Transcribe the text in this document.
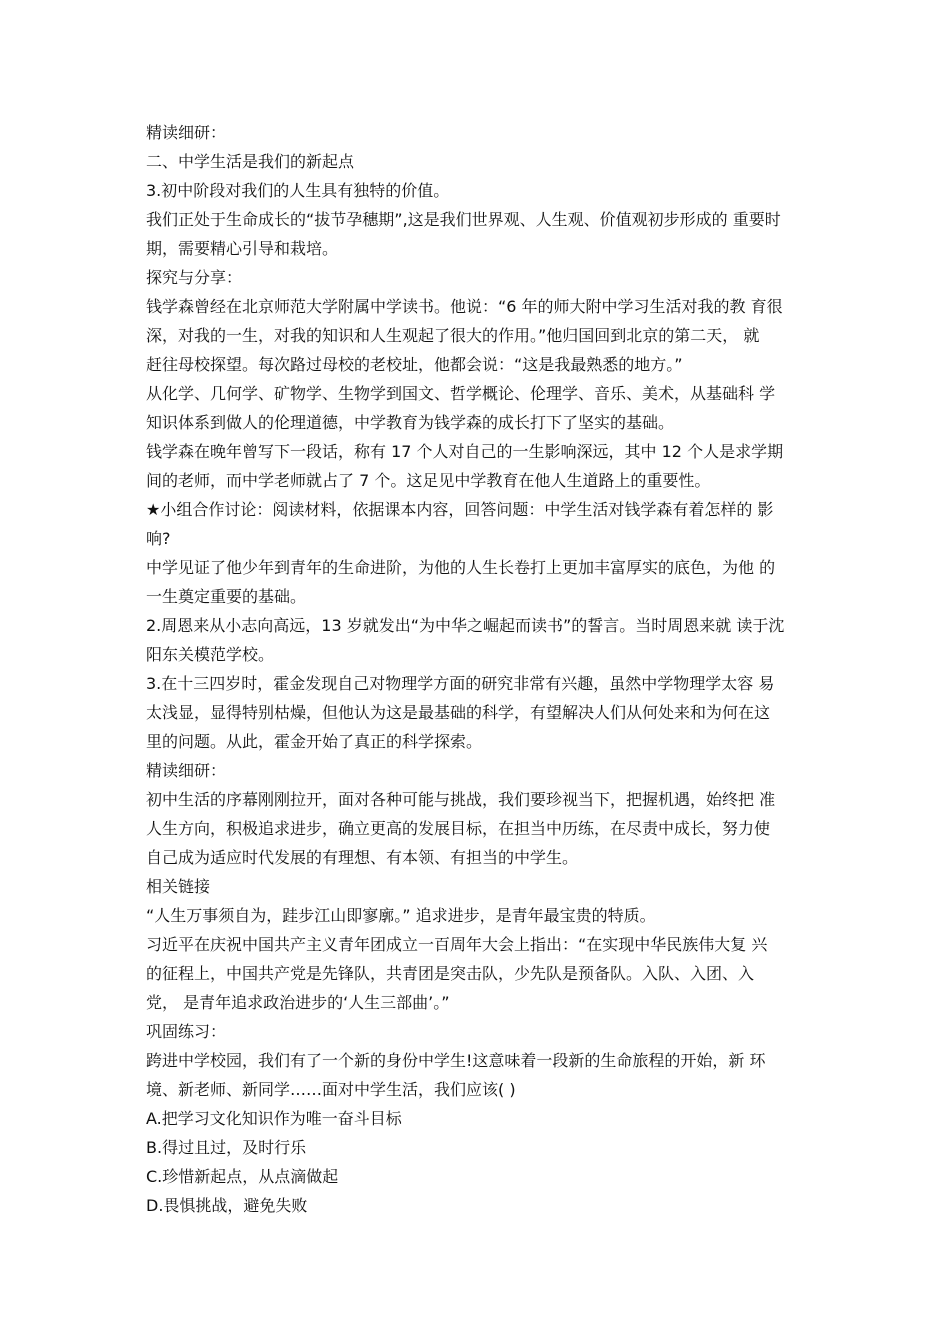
精读细研：

二、中学生活是我们的新起点

3.初中阶段对我们的人生具有独特的价值。

我们正处于生命成长的“拔节孕穗期”,这是我们世界观、人生观、价值观初步形成的 重要时

期，需要精心引导和栽培。

探究与分享：

钱学森曾经在北京师范大学附属中学读书。他说：“6 年的师大附中学习生活对我的教 育很

深，对我的一生，对我的知识和人生观起了很大的作用。”他归国回到北京的第二天， 就

赶往母校探望。每次路过母校的老校址，他都会说：“这是我最熟悉的地方。”

从化学、几何学、矿物学、生物学到国文、哲学概论、伦理学、音乐、美术，从基础科 学

知识体系到做人的伦理道德，中学教育为钱学森的成长打下了坚实的基础。

钱学森在晚年曾写下一段话，称有 17 个人对自己的一生影响深远，其中 12 个人是求学期

间的老师，而中学老师就占了 7 个。这足见中学教育在他人生道路上的重要性。

★小组合作讨论：阅读材料，依据课本内容，回答问题：中学生活对钱学森有着怎样的 影

响?

中学见证了他少年到青年的生命进阶，为他的人生长卷打上更加丰富厚实的底色，为他 的

一生奠定重要的基础。

2.周恩来从小志向高远，13 岁就发出“为中华之崛起而读书”的誓言。当时周恩来就 读于沈

阳东关模范学校。

3.在十三四岁时，霍金发现自己对物理学方面的研究非常有兴趣，虽然中学物理学太容 易

太浅显，显得特别枯燥，但他认为这是最基础的科学，有望解决人们从何处来和为何在这

里的问题。从此，霍金开始了真正的科学探索。

精读细研：

初中生活的序幕刚刚拉开，面对各种可能与挑战，我们要珍视当下，把握机遇，始终把 准

人生方向，积极追求进步，确立更高的发展目标，在担当中历练，在尽责中成长，努力使

自己成为适应时代发展的有理想、有本领、有担当的中学生。

相关链接

“人生万事须自为，跬步江山即寥廓。” 追求进步，是青年最宝贵的特质。

习近平在庆祝中国共产主义青年团成立一百周年大会上指出：“在实现中华民族伟大复 兴

的征程上，中国共产党是先锋队，共青团是突击队，少先队是预备队。入队、入团、入

党， 是青年追求政治进步的‘人生三部曲’。”

巩固练习：

跨进中学校园，我们有了一个新的身份中学生!这意味着一段新的生命旅程的开始，新 环

境、新老师、新同学……面对中学生活，我们应该( )

A.把学习文化知识作为唯一奋斗目标

B.得过且过，及时行乐

C.珍惜新起点，从点滴做起

D.畏惧挑战，避免失败
